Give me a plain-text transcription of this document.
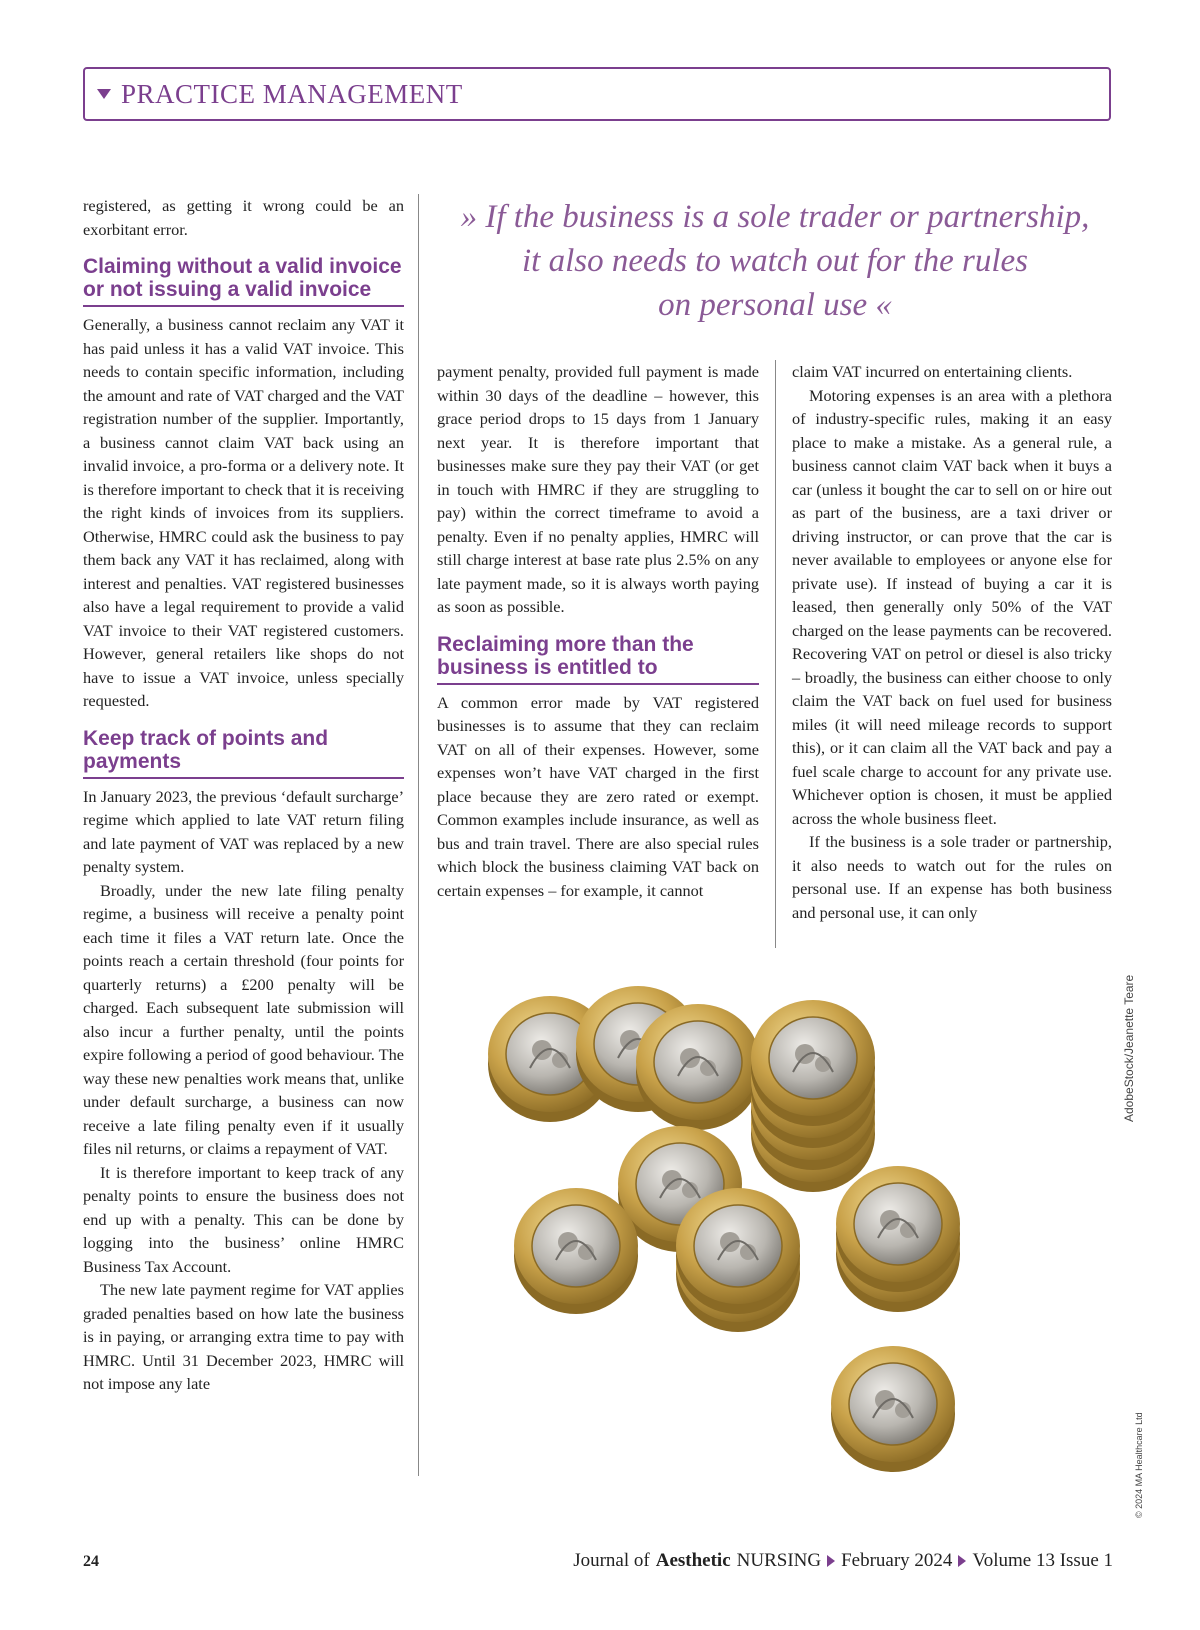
PRACTICE MANAGEMENT

registered, as getting it wrong could be an exorbitant error.

Claiming without a valid invoice or not issuing a valid invoice

Generally, a business cannot reclaim any VAT it has paid unless it has a valid VAT invoice. This needs to contain specific information, including the amount and rate of VAT charged and the VAT registration number of the supplier. Importantly, a business cannot claim VAT back using an invalid invoice, a pro-forma or a delivery note. It is therefore important to check that it is receiving the right kinds of invoices from its suppliers. Otherwise, HMRC could ask the business to pay them back any VAT it has reclaimed, along with interest and penalties. VAT registered businesses also have a legal requirement to provide a valid VAT invoice to their VAT registered customers. However, general retailers like shops do not have to issue a VAT invoice, unless specially requested.

Keep track of points and payments

In January 2023, the previous ‘default surcharge’ regime which applied to late VAT return filing and late payment of VAT was replaced by a new penalty system.

Broadly, under the new late filing penalty regime, a business will receive a penalty point each time it files a VAT return late. Once the points reach a certain threshold (four points for quarterly returns) a £200 penalty will be charged. Each subsequent late submission will also incur a further penalty, until the points expire following a period of good behaviour. The way these new penalties work means that, unlike under default surcharge, a business can now receive a late filing penalty even if it usually files nil returns, or claims a repayment of VAT.

It is therefore important to keep track of any penalty points to ensure the business does not end up with a penalty. This can be done by logging into the business’ online HMRC Business Tax Account.

The new late payment regime for VAT applies graded penalties based on how late the business is in paying, or arranging extra time to pay with HMRC. Until 31 December 2023, HMRC will not impose any late

» If the business is a sole trader or partnership,
it also needs to watch out for the rules
on personal use «

payment penalty, provided full payment is made within 30 days of the deadline – however, this grace period drops to 15 days from 1 January next year. It is therefore important that businesses make sure they pay their VAT (or get in touch with HMRC if they are struggling to pay) within the correct timeframe to avoid a penalty. Even if no penalty applies, HMRC will still charge interest at base rate plus 2.5% on any late payment made, so it is always worth paying as soon as possible.

Reclaiming more than the business is entitled to

A common error made by VAT registered businesses is to assume that they can reclaim VAT on all of their expenses. However, some expenses won’t have VAT charged in the first place because they are zero rated or exempt. Common examples include insurance, as well as bus and train travel. There are also special rules which block the business claiming VAT back on certain expenses – for example, it cannot

claim VAT incurred on entertaining clients.

Motoring expenses is an area with a plethora of industry-specific rules, making it an easy place to make a mistake. As a general rule, a business cannot claim VAT back when it buys a car (unless it bought the car to sell on or hire out as part of the business, are a taxi driver or driving instructor, or can prove that the car is never available to employees or anyone else for private use). If instead of buying a car it is leased, then generally only 50% of the VAT charged on the lease payments can be recovered. Recovering VAT on petrol or diesel is also tricky – broadly, the business can either choose to only claim the VAT back on fuel used for business miles (it will need mileage records to support this), or it can claim all the VAT back and pay a fuel scale charge to account for any private use. Whichever option is chosen, it must be applied across the whole business fleet.

If the business is a sole trader or partnership, it also needs to watch out for the rules on personal use. If an expense has both business and personal use, it can only

AdobeStock/Jeanette Teare
© 2024 MA Healthcare Ltd
24	Journal of Aesthetic NURSING February 2024 Volume 13 Issue 1
